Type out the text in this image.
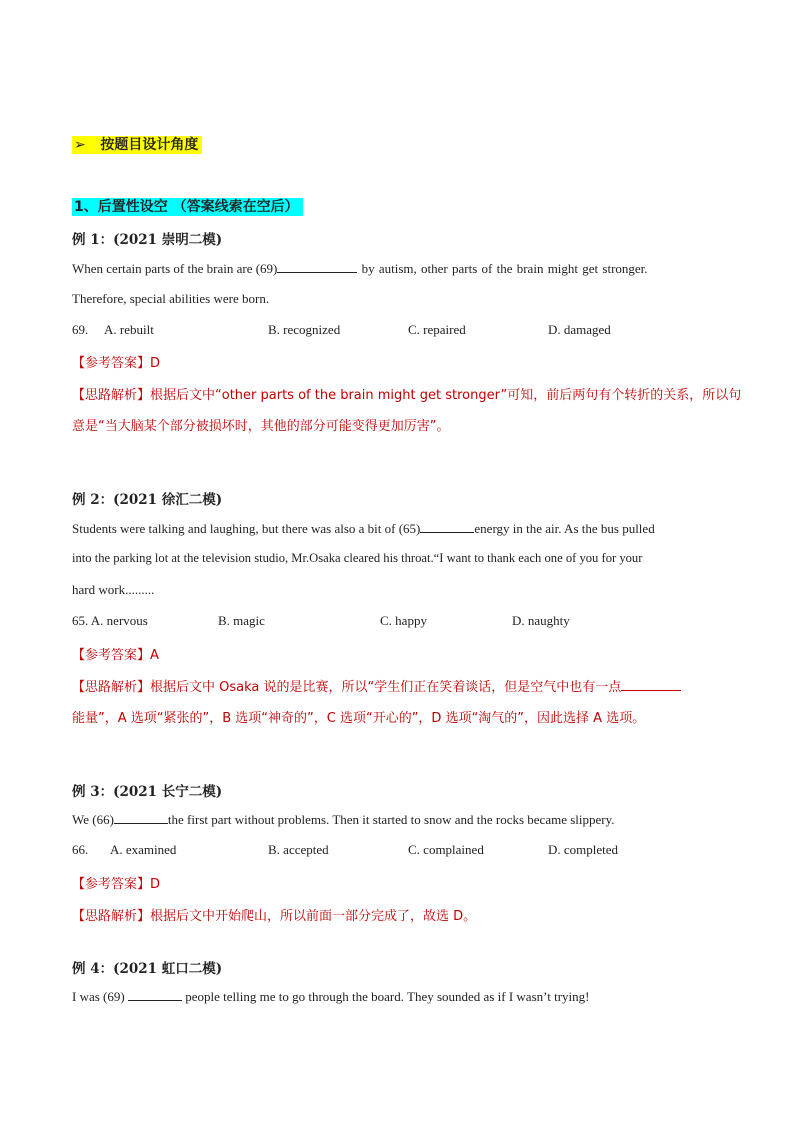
➢ 按题目设计角度
1、后置性设空 （答案线索在空后）
例 1：(2021 崇明二模)
When certain parts of the brain are (69)	by autism, other parts of the brain might get stronger.
Therefore, special abilities were born.
69. A. rebuilt	B. recognized	C. repaired	D. damaged
【参考答案】D
【思路解析】根据后文中“other parts of the brain might get stronger”可知，前后两句有个转折的关系，所以句
意是“当大脑某个部分被损坏时，其他的部分可能变得更加厉害”。
例 2：(2021 徐汇二模)
Students were talking and laughing, but there was also a bit of (65)	energy in the air. As the bus pulled
into the parking lot at the television studio, Mr.Osaka cleared his throat.“I want to thank each one of you for your
hard work.........
65. A. nervous	B. magic	C. happy	D. naughty
【参考答案】A
【思路解析】根据后文中 Osaka 说的是比赛，所以“学生们正在笑着谈话，但是空气中也有一点
能量”，A 选项“紧张的”，B 选项“神奇的”，C 选项“开心的”，D 选项“淘气的”，因此选择 A 选项。
例 3：(2021 长宁二模)
We (66)	the first part without problems. Then it started to snow and the rocks became slippery.
66. A. examined	B. accepted	C. complained	D. completed
【参考答案】D
【思路解析】根据后文中开始爬山，所以前面一部分完成了，故选 D。
例 4：(2021 虹口二模)
I was (69)	people telling me to go through the board. They sounded as if I wasn’t trying!
